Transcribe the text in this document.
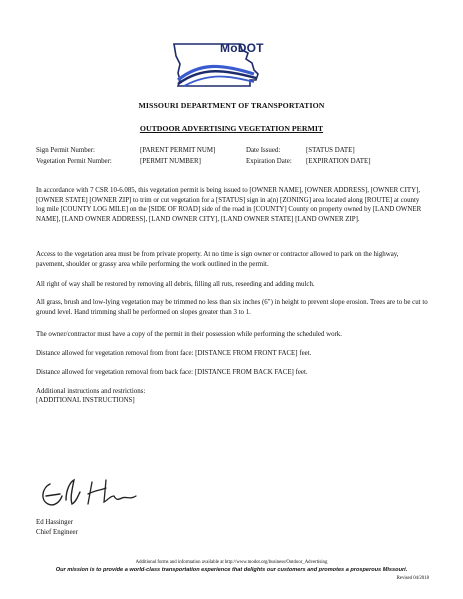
MoDOT
MISSOURI DEPARTMENT OF TRANSPORTATION
OUTDOOR ADVERTISING VEGETATION PERMIT
Sign Permit Number:	[PARENT PERMIT NUM]	Date Issued:	[STATUS DATE]
Vegetation Permit Number:	[PERMIT NUMBER]	Expiration Date: [EXPIRATION DATE]

In accordance with 7 CSR 10-6.085, this vegetation permit is being issued to [OWNER NAME], [OWNER ADDRESS], [OWNER CITY], [OWNER STATE] [OWNER ZIP] to trim or cut vegetation for a [STATUS] sign in a(n) [ZONING] area located along [ROUTE] at county log mile [COUNTY LOG MILE] on the [SIDE OF ROAD] side of the road in [COUNTY] County on property owned by [LAND OWNER NAME], [LAND OWNER ADDRESS], [LAND OWNER CITY], [LAND OWNER STATE] [LAND OWNER ZIP].

Access to the vegetation area must be from private property. At no time is sign owner or contractor allowed to park on the highway, pavement, shoulder or grassy area while performing the work outlined in the permit.

All right of way shall be restored by removing all debris, filling all ruts, reseeding and adding mulch.

All grass, brush and low-lying vegetation may be trimmed no less than six inches (6") in height to prevent slope erosion. Trees are to be cut to ground level. Hand trimming shall be performed on slopes greater than 3 to 1.

The owner/contractor must have a copy of the permit in their possession while performing the scheduled work.

Distance allowed for vegetation removal from front face: [DISTANCE FROM FRONT FACE] feet.

Distance allowed for vegetation removal from back face: [DISTANCE FROM BACK FACE] feet.

Additional instructions and restrictions:

[ADDITIONAL INSTRUCTIONS]

Ed Hassinger
Chief Engineer
Additional forms and information available at http://www.modot.org/business/Outdoor_Advertising
Our mission is to provide a world-class transportation experience that delights our customers and promotes a prosperous Missouri.
Revised 04/2018
